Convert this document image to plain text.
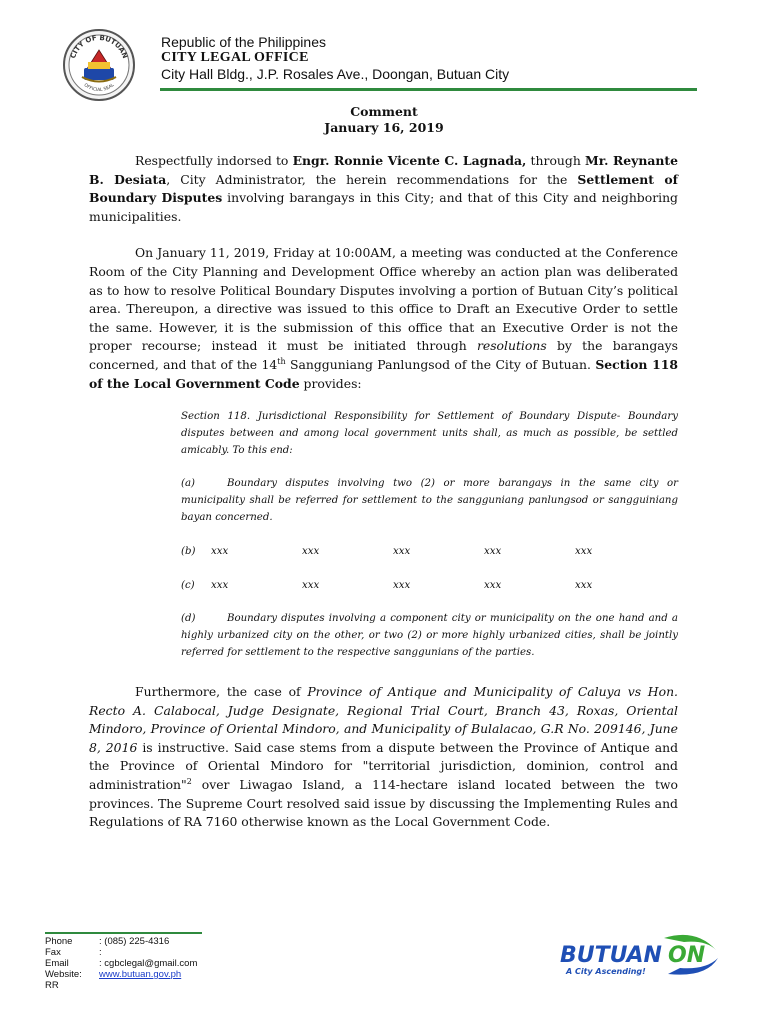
CITY OF BUTUAN
OFFICIAL SEAL
Republic of the Philippines
CITY LEGAL OFFICE
City Hall Bldg., J.P. Rosales Ave., Doongan, Butuan City
Comment
January 16, 2019

Respectfully indorsed to Engr. Ronnie Vicente C. Lagnada, through Mr. Reynante B. Desiata, City Administrator, the herein recommendations for the Settlement of Boundary Disputes involving barangays in this City; and that of this City and neighboring municipalities.

On January 11, 2019, Friday at 10:00AM, a meeting was conducted at the Conference Room of the City Planning and Development Office whereby an action plan was deliberated as to how to resolve Political Boundary Disputes involving a portion of Butuan City’s political area. Thereupon, a directive was issued to this office to Draft an Executive Order to settle the same. However, it is the submission of this office that an Executive Order is not the proper recourse; instead it must be initiated through resolutions by the barangays concerned, and that of the 14th Sangguniang Panlungsod of the City of Butuan. Section 118 of the Local Government Code provides:

Section 118. Jurisdictional Responsibility for Settlement of Boundary Dispute- Boundary disputes between and among local government units shall, as much as possible, be settled amicably. To this end:

(a)	Boundary disputes involving two (2) or more barangays in the same city or municipality shall be referred for settlement to the sangguniang panlungsod or sangguiniang bayan concerned.

(b)	xxx	xxx	xxx	xxx	xxx
(c)	xxx	xxx	xxx	xxx	xxx

(d)	Boundary disputes involving a component city or municipality on the one hand and a highly urbanized city on the other, or two (2) or more highly urbanized cities, shall be jointly referred for settlement to the respective sanggunians of the parties.

Furthermore, the case of Province of Antique and Municipality of Caluya vs Hon. Recto A. Calabocal, Judge Designate, Regional Trial Court, Branch 43, Roxas, Oriental Mindoro, Province of Oriental Mindoro, and Municipality of Bulalacao, G.R No. 209146, June 8, 2016 is instructive. Said case stems from a dispute between the Province of Antique and the Province of Oriental Mindoro for "territorial jurisdiction, dominion, control and administration"$^2$ over Liwagao Island, a 114-hectare island located between the two provinces. The Supreme Court resolved said issue by discussing the Implementing Rules and Regulations of RA 7160 otherwise known as the Local Government Code.

Phone	: (085) 225-4316
Fax	:
Email	: cgbclegal@gmail.com
Website:	www.butuan.gov.ph
RR
BUTUAN ON
A City Ascending!
